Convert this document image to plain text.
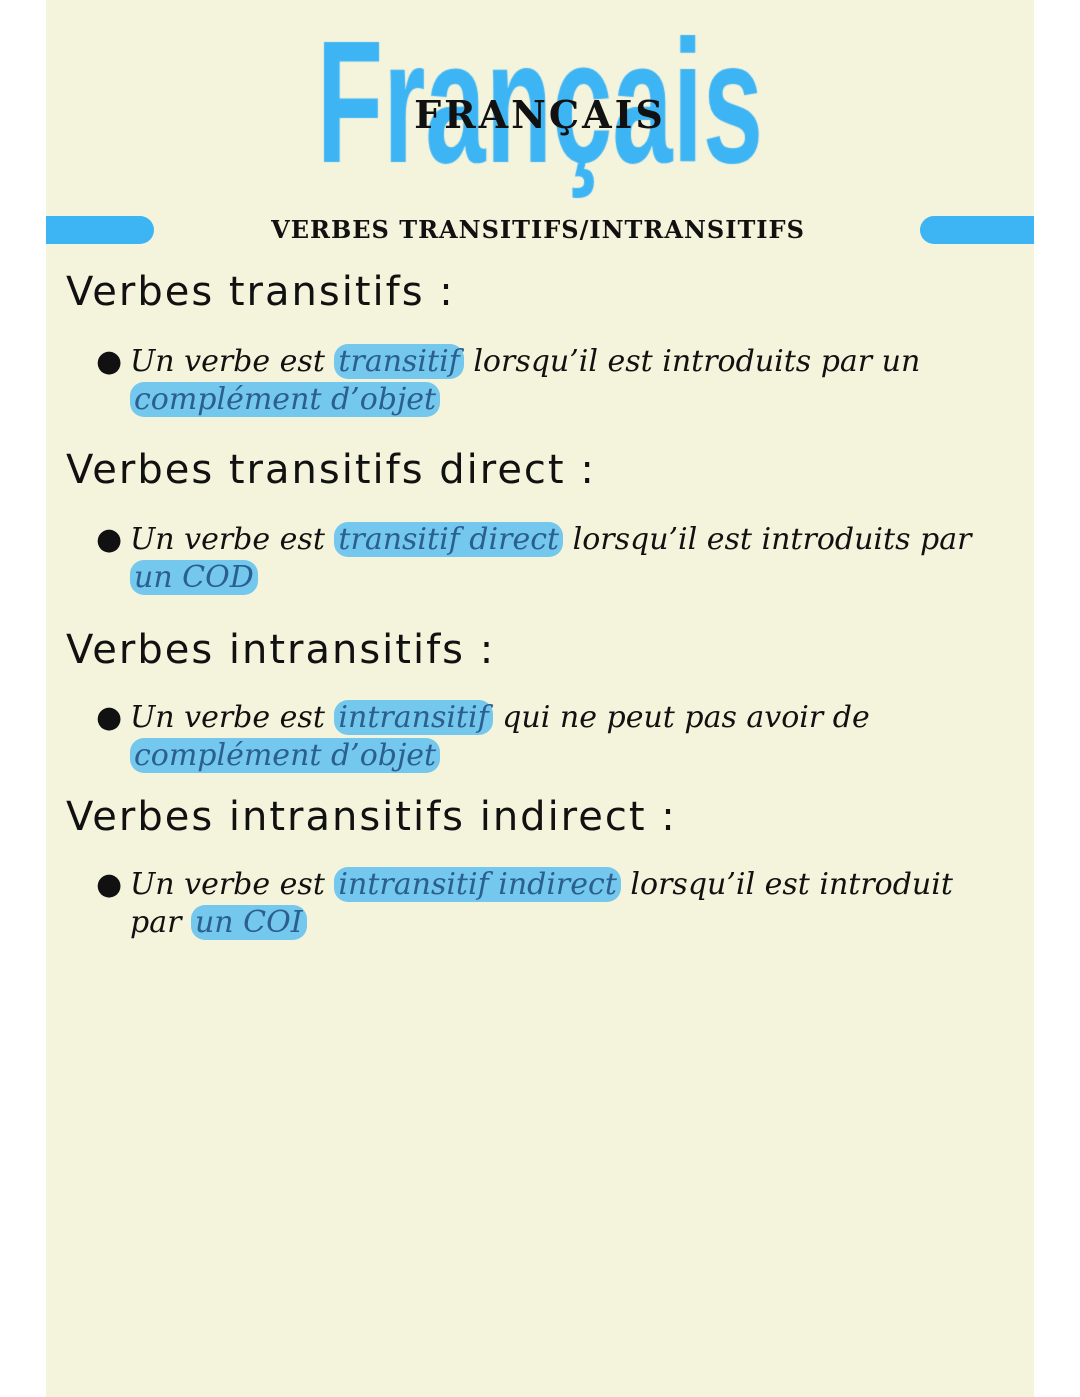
FRANÇAIS
VERBES TRANSITIFS/INTRANSITIFS
Verbes transitifs :
● Un verbe est transitif lorsqu’il est introduits par un complément d’objet
Verbes transitifs direct :
● Un verbe est transitif direct lorsqu’il est introduits par un COD
Verbes intransitifs :
● Un verbe est intransitif qui ne peut pas avoir de complément d’objet
Verbes intransitifs indirect :
● Un verbe est intransitif indirect lorsqu’il est introduit par un COI
